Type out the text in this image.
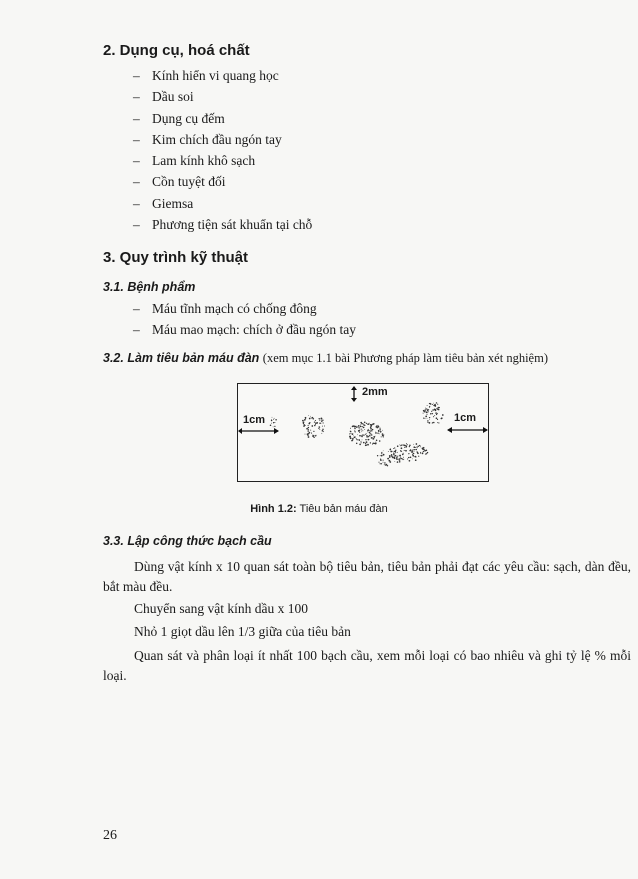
2. Dụng cụ, hoá chất
– Kính hiển vi quang học
– Dầu soi
– Dụng cụ đếm
– Kim chích đầu ngón tay
– Lam kính khô sạch
– Cồn tuyệt đối
– Giemsa
– Phương tiện sát khuẩn tại chỗ
3. Quy trình kỹ thuật
3.1. Bệnh phẩm
– Máu tĩnh mạch có chống đông
– Máu mao mạch: chích ở đầu ngón tay
3.2. Làm tiêu bản máu đàn (xem mục 1.1 bài Phương pháp làm tiêu bản xét nghiệm)
2mm
1cm	1cm
Hình 1.2: Tiêu bản máu đàn
3.3. Lập công thức bạch cầu

Dùng vật kính x 10 quan sát toàn bộ tiêu bản, tiêu bản phải đạt các yêu cầu: sạch, dàn đều, bắt màu đều.

Chuyển sang vật kính dầu x 100

Nhỏ 1 giọt dầu lên 1/3 giữa của tiêu bản

Quan sát và phân loại ít nhất 100 bạch cầu, xem mỗi loại có bao nhiêu và ghi tỷ lệ % mỗi loại.

26
